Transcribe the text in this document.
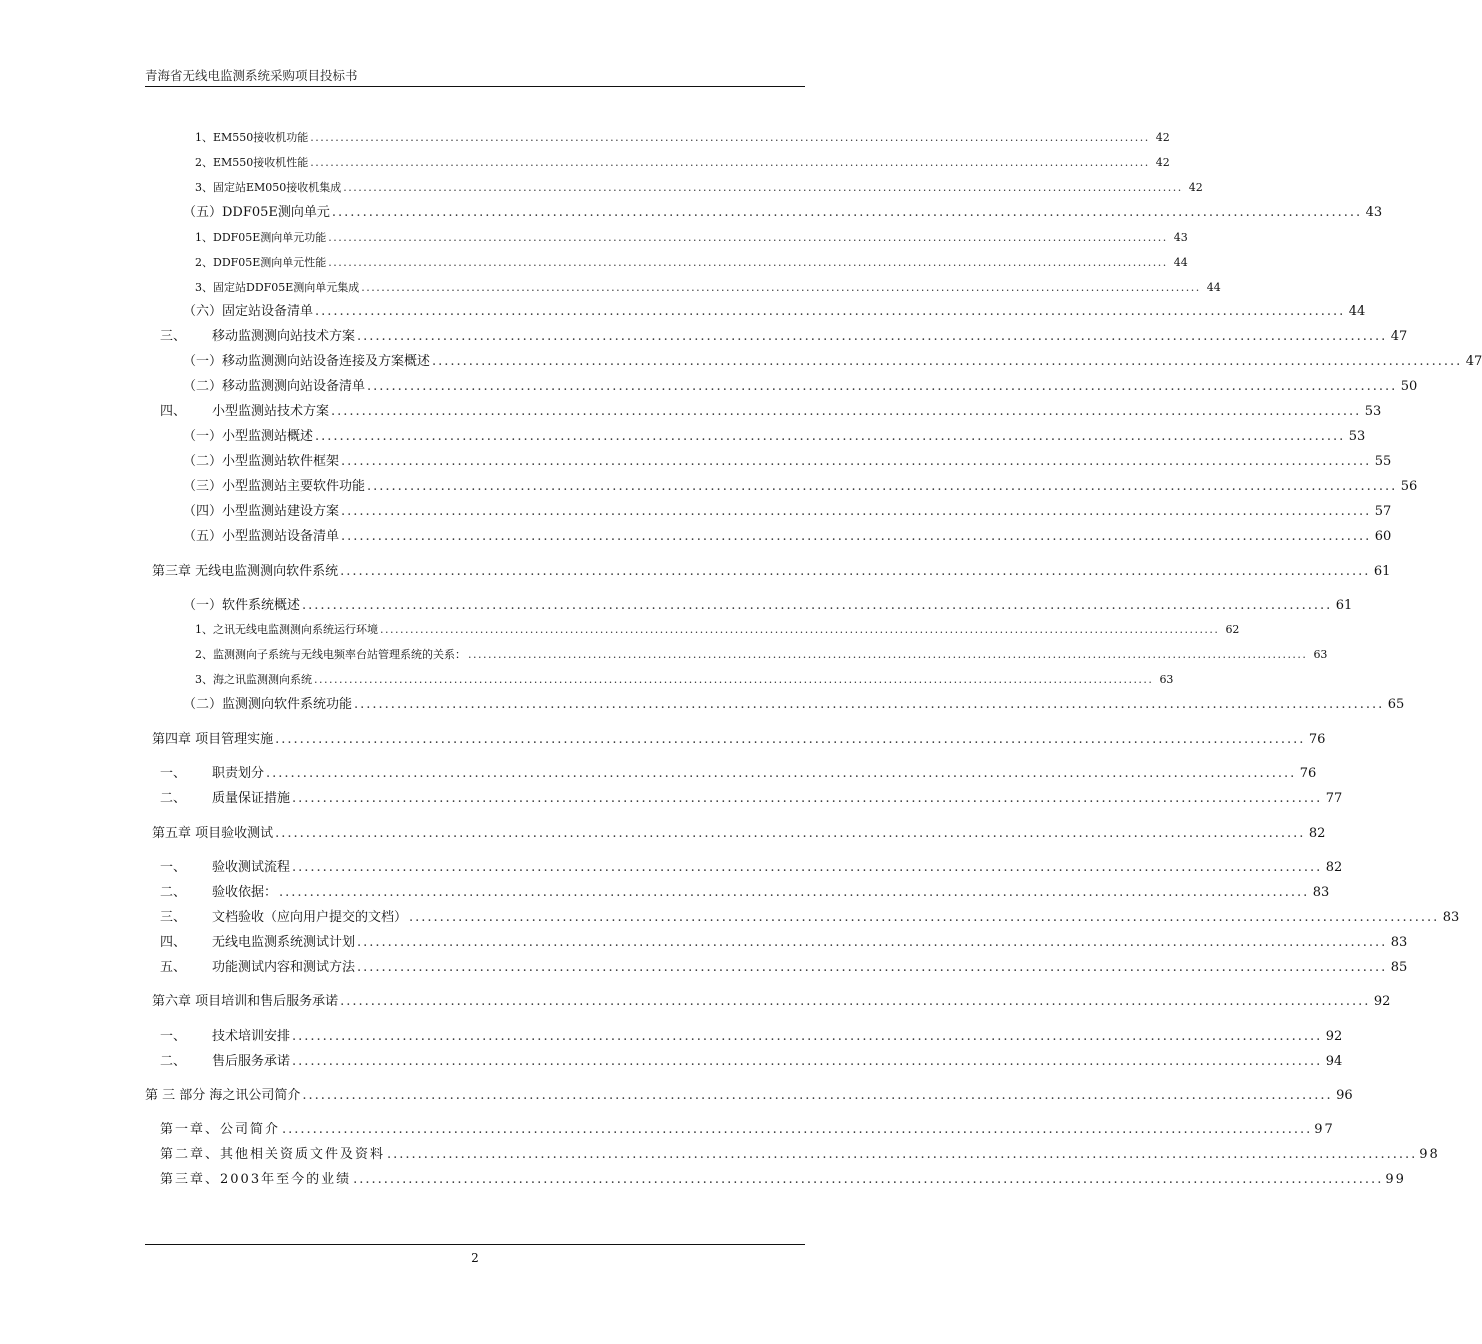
青海省无线电监测系统采购项目投标书
1、EM550接收机功能 ........................................................................................................................................................................ 42
2、EM550接收机性能 ........................................................................................................................................................................ 42
3、固定站EM050接收机集成 ........................................................................................................................................................................ 42
（五）DDF05E测向单元 ........................................................................................................................................................................ 43
1、DDF05E测向单元功能 ........................................................................................................................................................................ 43
2、DDF05E测向单元性能 ........................................................................................................................................................................ 44
3、固定站DDF05E测向单元集成 ........................................................................................................................................................................ 44
（六）固定站设备清单 ........................................................................................................................................................................ 44
三、 移动监测测向站技术方案 ........................................................................................................................................................................ 47
（一）移动监测测向站设备连接及方案概述 ........................................................................................................................................................................ 47
（二）移动监测测向站设备清单 ........................................................................................................................................................................ 50
四、 小型监测站技术方案 ........................................................................................................................................................................ 53
（一）小型监测站概述 ........................................................................................................................................................................ 53
（二）小型监测站软件框架 ........................................................................................................................................................................ 55
（三）小型监测站主要软件功能 ........................................................................................................................................................................ 56
（四）小型监测站建设方案 ........................................................................................................................................................................ 57
（五）小型监测站设备清单 ........................................................................................................................................................................ 60
第三章 无线电监测测向软件系统 ........................................................................................................................................................................ 61
（一）软件系统概述 ........................................................................................................................................................................ 61
1、之讯无线电监测测向系统运行环境 ........................................................................................................................................................................ 62
2、监测测向子系统与无线电频率台站管理系统的关系： ........................................................................................................................................................................ 63
3、海之讯监测测向系统 ........................................................................................................................................................................ 63
（二）监测测向软件系统功能 ........................................................................................................................................................................ 65
第四章 项目管理实施 ........................................................................................................................................................................ 76
一、 职责划分 ........................................................................................................................................................................ 76
二、 质量保证措施 ........................................................................................................................................................................ 77
第五章 项目验收测试 ........................................................................................................................................................................ 82
一、 验收测试流程 ........................................................................................................................................................................ 82
二、 验收依据： ........................................................................................................................................................................ 83
三、 文档验收（应向用户提交的文档） ........................................................................................................................................................................ 83
四、 无线电监测系统测试计划 ........................................................................................................................................................................ 83
五、 功能测试内容和测试方法 ........................................................................................................................................................................ 85
第六章 项目培训和售后服务承诺 ........................................................................................................................................................................ 92
一、 技术培训安排 ........................................................................................................................................................................ 92
二、 售后服务承诺 ........................................................................................................................................................................ 94
第 三 部分 海之讯公司简介 ........................................................................................................................................................................ 96
第一章、公司简介 ........................................................................................................................................................................ 97
第二章、其他相关资质文件及资料 ........................................................................................................................................................................ 98
第三章、2003年至今的业绩 ........................................................................................................................................................................ 99
2
